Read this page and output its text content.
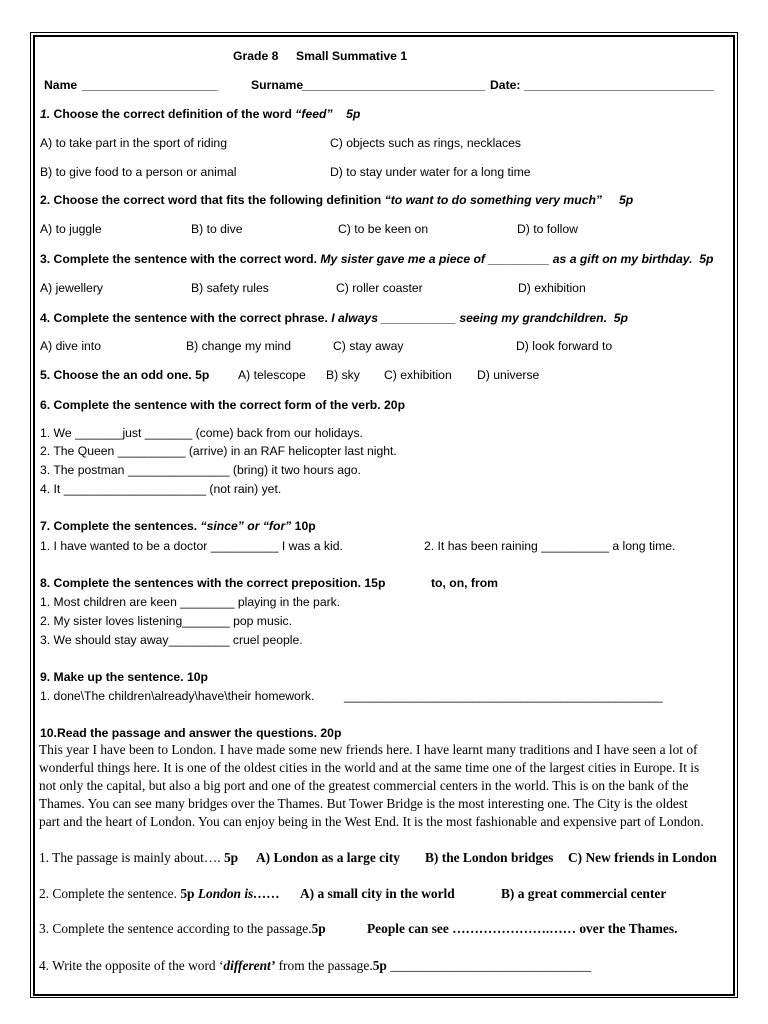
Grade 8 Small Summative 1
Name ____________________	Surname
___________________________ Date: ____________________________
1. Choose the correct definition of the word “feed” 5p
A) to take part in the sport of riding	C) objects such as rings, necklaces
B) to give food to a person or animal	D) to stay under water for a long time
2. Choose the correct word that fits the following definition “to want to do something very much” 5p
A) to juggle	B) to dive	C) to be keen on	D) to follow
3. Complete the sentence with the correct word. My sister gave me a piece of _________ as a gift on my birthday. 5p
A) jewellery	B) safety rules	C) roller coaster	D) exhibition
4. Complete the sentence with the correct phrase. I always ___________ seeing my grandchildren. 5p
A) dive into	B) change my mind	C) stay away	D) look forward to
5. Choose the an odd one. 5p A) telescope B) sky C) exhibition D) universe
6. Complete the sentence with the correct form of the verb. 20p
1. We _______just _______ (come) back from our holidays.
2. The Queen __________ (arrive) in an RAF helicopter last night.
3. The postman _______________ (bring) it two hours ago.
4. It _____________________ (not rain) yet.
7. Complete the sentences. “since” or “for” 10p
1. I have wanted to be a doctor __________ I was a kid.	2. It has been raining __________ a long time.
8. Complete the sentences with the correct preposition. 15p	to, on, from
1. Most children are keen ________ playing in the park.
2. My sister loves listening_______ pop music.
3. We should stay away_________ cruel people.
9. Make up the sentence. 10p
1. done\The children\already\have\their homework. _______________________________________________
10.Read the passage and answer the questions. 20p
This year I have been to London. I have made some new friends here. I have learnt many traditions and I have seen a lot of
wonderful things here. It is one of the oldest cities in the world and at the same time one of the largest cities in Europe. It is
not only the capital, but also a big port and one of the greatest commercial centers in the world. This is on the bank of the
Thames. You can see many bridges over the Thames. But Tower Bridge is the most interesting one. The City is the oldest
part and the heart of London. You can enjoy being in the West End. It is the most fashionable and expensive part of London.
1. The passage is mainly about…. 5p A) London as a large city B) the London bridges C) New friends in London
2. Complete the sentence. 5p London is…… A) a small city in the world	B) a great commercial center
3. Complete the sentence according to the passage.5p	People can see ………………….…… over the Thames.
4. Write the opposite of the word ‘different’ from the passage.5p ______________________________
